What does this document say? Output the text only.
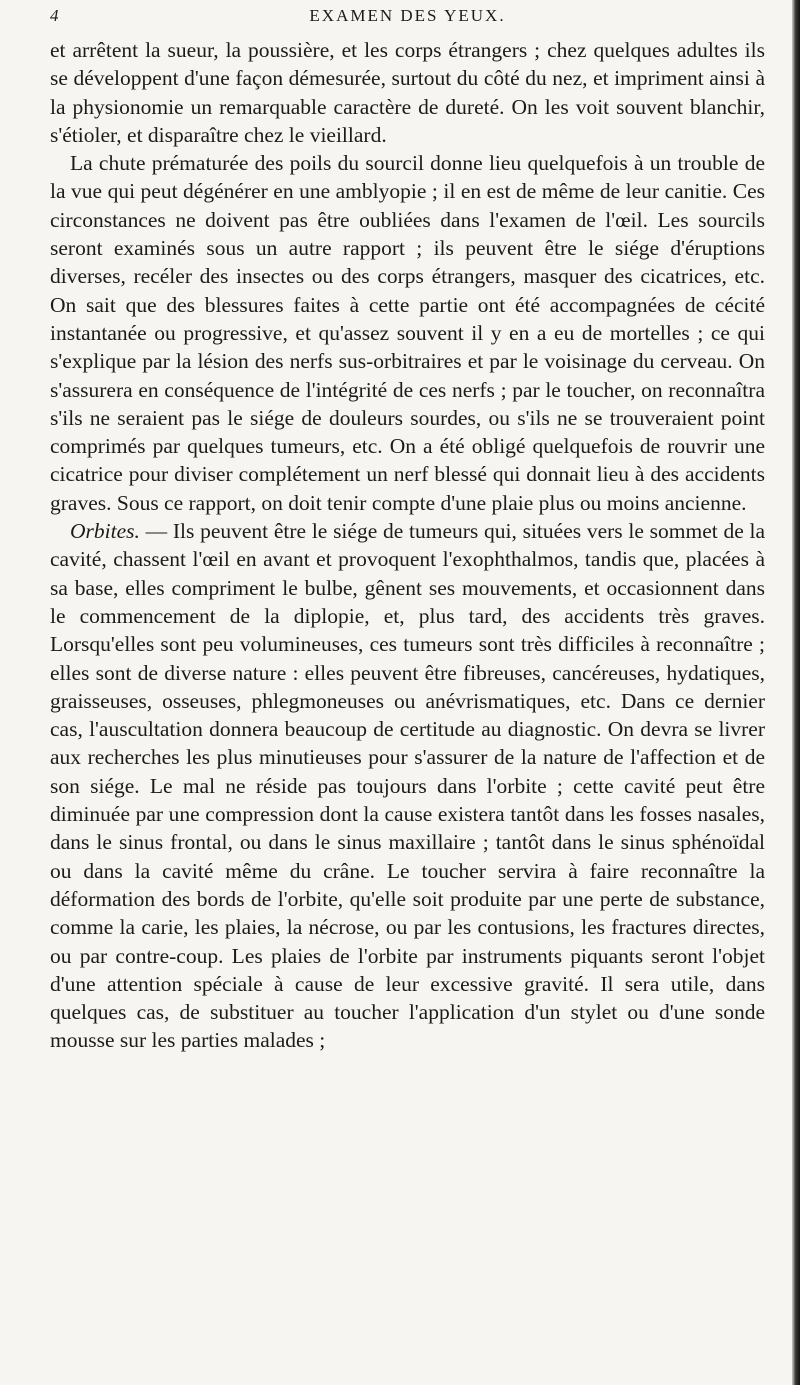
4	EXAMEN DES YEUX.

et arrêtent la sueur, la poussière, et les corps étrangers ; chez quelques adultes ils se développent d'une façon démesurée, surtout du côté du nez, et impriment ainsi à la physionomie un remarquable caractère de dureté. On les voit souvent blanchir, s'étioler, et disparaître chez le vieillard.

La chute prématurée des poils du sourcil donne lieu quelquefois à un trouble de la vue qui peut dégénérer en une amblyopie ; il en est de même de leur canitie. Ces circonstances ne doivent pas être oubliées dans l'examen de l'œil. Les sourcils seront examinés sous un autre rapport ; ils peuvent être le siége d'éruptions diverses, recéler des insectes ou des corps étrangers, masquer des cicatrices, etc. On sait que des blessures faites à cette partie ont été accompagnées de cécité instantanée ou progressive, et qu'assez souvent il y en a eu de mortelles ; ce qui s'explique par la lésion des nerfs sus-orbitraires et par le voisinage du cerveau. On s'assurera en conséquence de l'intégrité de ces nerfs ; par le toucher, on reconnaîtra s'ils ne seraient pas le siége de douleurs sourdes, ou s'ils ne se trouveraient point comprimés par quelques tumeurs, etc. On a été obligé quelquefois de rouvrir une cicatrice pour diviser complétement un nerf blessé qui donnait lieu à des accidents graves. Sous ce rapport, on doit tenir compte d'une plaie plus ou moins ancienne.

Orbites. — Ils peuvent être le siége de tumeurs qui, situées vers le sommet de la cavité, chassent l'œil en avant et provoquent l'exophthalmos, tandis que, placées à sa base, elles compriment le bulbe, gênent ses mouvements, et occasionnent dans le commencement de la diplopie, et, plus tard, des accidents très graves. Lorsqu'elles sont peu volumineuses, ces tumeurs sont très difficiles à reconnaître ; elles sont de diverse nature : elles peuvent être fibreuses, cancéreuses, hydatiques, graisseuses, osseuses, phlegmoneuses ou anévrismatiques, etc. Dans ce dernier cas, l'auscultation donnera beaucoup de certitude au diagnostic. On devra se livrer aux recherches les plus minutieuses pour s'assurer de la nature de l'affection et de son siége. Le mal ne réside pas toujours dans l'orbite ; cette cavité peut être diminuée par une compression dont la cause existera tantôt dans les fosses nasales, dans le sinus frontal, ou dans le sinus maxillaire ; tantôt dans le sinus sphénoïdal ou dans la cavité même du crâne. Le toucher servira à faire reconnaître la déformation des bords de l'orbite, qu'elle soit produite par une perte de substance, comme la carie, les plaies, la nécrose, ou par les contusions, les fractures directes, ou par contre-coup. Les plaies de l'orbite par instruments piquants seront l'objet d'une attention spéciale à cause de leur excessive gravité. Il sera utile, dans quelques cas, de substituer au toucher l'application d'un stylet ou d'une sonde mousse sur les parties malades ;
